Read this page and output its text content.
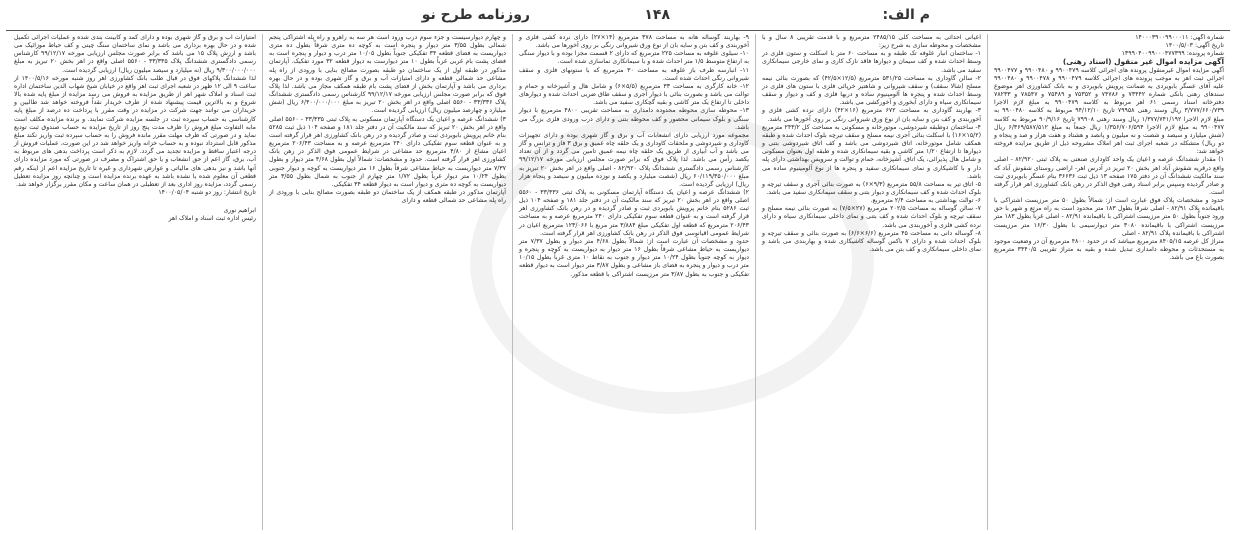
م الف:
۱۴۸
روزنامه طرح نو

شماره آگهی: ۱۴۰۰۰۳۹۰۰۹۹۰۰۰۱۱

تاریخ آگهی: ۱۴۰۰/۵/۰۳

شماره پرونده: ۱۳۹۹۰۴۰۰۹۹۰۰۰۴۷۷۳۹۹

آگهی مزایده اموال غیر منقول (اسناد رهنی)

آگهی مزایده اموال غیرمنقول پرونده های اجرائی کلاسه ۹۹۰۰۴۷۹ و ۹۹۰۰۴۸۰ و ۹۹۰۰۴۷۷ اجرائی ثبت اهر به موجب پرونده های اجرائی کلاسه ۹۹۰۰۴۷۹ و ۹۹۰۰۴۷۸ و ۹۹۰۰۴۸۰ علیه آقای عسگر بابویردی به ضمانت پرویش بابویردی و به بانک کشاورزی اهر موضوع سندهای رهنی بانکی شماره ۷۳۴۴۲ و ۷۴۷۸۶ و ۷۵۳۵۲ و ۷۵۴۸۹ و ۷۸۵۴۷ و ۷۸۲۳۳ دفترخانه اسناد رسمی ۶۱ اهر مربوط به کلاسه ۹۹۰۰۴۷۹ به مبلغ لازم الاجرا ۳/۷۷۷/۶۶۰/۷۳۹ ریال وسند رهنی ۷۹۹۵۸ تاریخ ۹۴/۱۲/۱۰ مربوط به کلاسه ۹۹۰۰۴۸۰ به مبلغ لازم الاجرا ۱/۳۷۷/۷۴۱/۱۹۲ ریال وسند رهنی ۷۹۹۰۸ تاریخ ۹۰/۹/۱۶ مربوط به کلاسه ۹۹۰۰۴۷۷ به مبلغ لازم الاجرا ۱/۳۵۶/۷۰۶/۵۹۴ ریال جمعاً به مبلغ ۶/۳۶۹/۵۸۷/۵۱۲ ریال (شش میلیارد و سیصد و شصت و نه میلیون و پانصد و هشتاد و هفت هزار و صد و پنجاه و دو ریال) متشکله در شعبه اجرای ثبت اهر املاک مشروحه ذیل از طریق مزایده فروخته خواهد شد:

۱) مقدار ششدانگ عرصه و اعیان یک واحد کاوداری صنعتی به پلاک ثبتی ۸۲/۹۲۰ - اصلی واقع درقریه شقوش آباد اهر بخش ۲۰ تبریز در آدرس اهر- اراضی روستای شقوش آباد که سند مالکیت ششدانگ آن در دفتر ۱۷۵ صفحه ۱۳ ذیل ثبت ۳۶۶۳۶ بنام عسگر بابویردی ثبت و صادر گردیده وسپس برابر اسناد رهنی فوق الذکر در رهن بانک کشاورزی اهر قرار گرفته است.

حدود و مشخصات پلاک فوق عبارت است از: شمالاً بطول ۵۰ متر مرزیست اشتراکی با باقیمانده پلاک ۸۲/۹۱ - اصلی شرقاً بطول ۱۸۳ متر محدود است به راه مرتع و شهر با حق ورود جنوباً بطول ۵۰ متر مرزیست اشتراکی با باقیمانده ۸۲/۹۱ - اصلی غرباً بطول ۱۸۳ متر مرزیست اشتراکی با باقیمانده ۳۰۸۰ متر دیوارسیمی با بطول ۱۶/۳۰ متر مرزیست اشتراکی با باقیمانده پلاک ۸۲/۹۱ - اصلی

متراژ کل عرصه ۸۴۰۵/۱۵ مترمربع میباشد که در حدود ۴۸۰۰ مترمربع آن در وضعیت موجود به مستحدثات و محوطه دامداری تبدیل شده و بقیه به متراژ تقریبی ۳۴۴۰/۵ مترمربع بصورت باغ می باشد.

اعیانی احداثی به مساحت کلی ۲۴۸۵/۱۵ مترمربع و با قدمت تقریبی ۸ سال و با مشخصات و محوطه سازی به شرح زیر:

۱- ساختمان انبار علوفه تک طبقه و به مساحت ۶۰ متر با اسکلت و ستون فلزی در وسط احداث شده و کف سیمان و دیوارها فاقد نازک کاری و نمای خارجی سیمانکاری سفید می باشد.

۲- سالن گاوداری به مساحت ۵۳۱/۲۵ مترمربع (۱۲/۵×۴۲/۵) که بصورت بنائی نیمه مسلح (شالا سقف) و سقف شیروانی و شاهتیر خرپائی فلزی با ستون های فلزی در وسط احداث شده و پنجره ها آلومینیوم ساده و دربها فلزی و کف و دیوار و سقف سیمانکاری سیاه و دارای آبخوری و آخورکشی می باشد.

۳- بهاربند گاوداری به مساحت ۶۷۲ مترمربع (۱۶×۴۲) دارای نرده کشی فلزی و آخوربندی و کف بتن و سایه بان از نوع ورق شیروانی رنگی بر روی آخورها می باشد.

۴- ساختمان دوطبقه شیردوشی، موتورخانه و مسکونی به مساحت کل ۲۴۳/۲ مترمربع (۱۵/۲×۱۶) با اسکلت بنائی آجری نیمه مسلح و سقف تیرچه بلوک احداث شده و طبقه همکف شامل موتورخانه، اتاق شیردوشی می باشد و کف اتاق شیردوشی بتنی و دیوارها تا ارتفاع ۱/۲۰ متر کاشی و بقیه سیمانکاری شده و طبقه اول بعنوان مسکونی و شامل هال پذیرائی، یک اتاق، آشپزخانه، حمام و توالت و سرویس بهداشتی دارای پله دار و با کاشیکاری و نمای سیمانکاری سفید و پنجره ها از نوع آلومینیوم ساده می باشد.

۵- اتاق تیر به مساحت ۵۵/۸ مترمربع (۹/۳×۶) به صورت بنائی آجری و سقف تیرچه و بلوک احداث شده و کف سیمانکاری و دیوار بتنی و سقف سیمانکاری سفید می باشد.

۶- توالت بهداشتی به مساحت ۲/۴ مترمربع.

۷- سالن گوساله به مساحت ۲۰۲/۵ مترمربع (۲۷×۷/۵) به صورت بنائی نیمه مسلح و سقف تیرچه و بلوک احداث شده و کف بتنی و نمای داخلی سیمانکاری سیاه و دارای نرده کشی فلزی و آخوربندی می باشد.

۸- گوساله دانی به مساحت ۴۵ مترمربع (۶/۶×۶/۶) به صورت بنائی و سقف تیرچه و بلوک احداث شده و دارای ۷ باکس گوساله کاشیکاری شده و بهاربندی می باشد و نمای داخلی سیمانکاری و کف بتن می باشد.

۹- بهاربند گوساله هانه به مساحت ۳۷۸ مترمربع (۱۴×۲۷) دارای نرده کشی فلزی و آخوربندی و کف بتن و سایه بان از نوع ورق شیروانی رنگی بر روی آخورها می باشد.

۱۰- سیلوی علوفه به مساحت ۲۲۵ مترمربع که دارای ۲ قسمت مجزا بوده و با دیوار سنگی به ارتفاع متوسط ۱/۵ متر احداث شده و با سیمانکاری نماسازی شده است.

۱۱- انبارسه طرف باز علوفه به مساحت ۳۰ مترمربع که با ستونهای فلزی و سقف شیروانی رنگی احداث شده است.

۱۲- خانه کارگری به مساحت ۳۳ مترمربع (۵/۵×۶) و شامل هال و آشپزخانه و حمام و توالت می باشد و بصورت بنائی با دیوار آجری و سقف طاق ضربی احداث شده و دیوارهای داخلی تا ارتفاع یک متر کاشی و بقیه گچکاری سفید می باشد.

۱۳- محوطه سازی محوطه محدوده دامداری به مساحت تقریبی ۴۸۰۰ مترمربع با دیوار سنگی و بلوک سیمانی محصور و کف محوطه بتنی و دارای درب ورودی فلزی بزرگ می باشد.

مجموعه مورد ارزیابی دارای انشعابات آب و برق و گاز شهری بوده و دارای تجهیزات کاوداری و شیردوشی و ملحقات کاوداری و یک حلقه چاه عمیق و برق ۳ فاز و ترانس و گاز می باشد و آب آبیاری از طریق یک حلقه چاه نیمه عمیق تامین می گردد و از آن تعداد یکصد رأس می باشد. لذا پلاک فوق که برابر صورت مجلس ارزیابی مورخه ۹۹/۱۲/۱۷ کارشناس رسمی دادگستری ششدانگ پلاک ۸۲/۹۲۰ - اصلی واقع در اهر بخش ۲۰ تبریز به مبلغ ۶۰/۱۱۹/۳۵۰/۰۰۰ ریال (شصت میلیارد و یکصد و نوزده میلیون و سیصد و پنجاه هزار ریال) ارزیابی گردیده است.

۲) ششدانگ عرصه و اعیان یک دستگاه آپارتمان مسکونی به پلاک ثبتی ۳۳/۳۳۶ - ۵۵۶۰ اصلی واقع در اهر بخش ۲۰ تبریز که سند مالکیت آن در دفتر جلد ۱۸۱ و صفحه ۱۰۴ ذیل ثبت ۵۲۸۶ بنام خانم پرویش بابویردی ثبت و صادر گردیده و در رهن بانک کشاورزی اهر قرار گرفته است و به عنوان قطعه سوم تفکیکی دارای ۲۴۰ مترمربع عرصه و به مساحت ۲۰۶/۴۳ مترمربع که قطعه اول تفکیکی مبلغ ۳/۸۸۴ متر مربع با ۱۲۳/۰۶۶ مترمربع اعیان در شرایط عمومی اقیانوسی فوق الذکر در رهن بانک کشاورزی اهر قرار گرفته است.

حدود و مشخصات آن عبارت است از: شمالاً بطول ۴/۶۸ متر دیوار و بطول ۷/۳۷ متر دیواریست به حیاط مشاعی شرقاً بطول ۱۶ متر دیوار به دیواریست به کوچه و پنجره و دیوار به کوچه جنوباً بطول ۱۰/۲۴ متر دیوار و جنوب به نقاط ۱۰ متری غرباً بطول ۱۰/۱۵ متر درب و دیوار و پنجره به فضای باز مشاعی و بطول ۳/۸۷ متر دیوار است به دیوار قطعه تفکیکی و جنوب به بطول ۳/۸۷ متر مرزیست اشتراکی با قطعه مذکور.

و چهارم دیوارسیست و جزء سوم درب ورود است هر سه به راهرو و راه پله اشتراکی پنجم شمالی بطول ۳/۵۵ متر دیوار و پنجره است به کوچه ده متری شرقاً بطول ده متری دیواریست به فضای قطعه ۳۴ تفکیکی جنوباً بطول ۱۰/۰۵ متر درب و دیوار و پنجره است به فضای پشت بام غربی غرباً بطول ۱۰ متر دیوارست به دیوار قطعه ۳۲ مورد تفکیک. آپارتمان مذکور در طبقه اول از یک ساختمان دو طبقه بصورت مصالح بنایی با ورودی از راه پله مشاعی حد شمالی قطعه و دارای امتیازات آب و برق و گاز شهری بوده و در حال بهره برداری می باشد و آپارتمان بخش از فضای پشت بام طبقه همکف مجاز می باشد. لذا پلاک فوق که برابر صورت مجلس ارزیابی مورخه ۹۹/۱۲/۱۷ کارشناس رسمی دادگستری ششدانگ پلاک ۳۳/۳۳۶ - ۵۵۶۰ اصلی واقع در اهر بخش ۲۰ تبریز به مبلغ ۶/۴۰۰/۰۰۰/۰۰۰ ریال (شش میلیارد و چهارصد میلیون ریال) ارزیابی گردیده است.

۳) ششدانگ عرصه و اعیان یک دستگاه آپارتمان مسکونی به پلاک ثبتی ۳۳/۳۳۵ - ۵۵۶۰ اصلی واقع در اهر بخش ۲۰ تبریز که سند مالکیت آن در دفتر جلد ۱۸۱ و صفحه ۱۰۴ ذیل ثبت ۵۲۸۵ بنام خانم پرویش بابویردی ثبت و صادر گردیده و در رهن بانک کشاورزی اهر قرار گرفته است و به عنوان قطعه سوم تفکیکی دارای ۲۴۰ مترمربع عرصه و به مساحت ۲۰۶/۴۳ مترمربع اعیان مشاع از ۴/۸۰ مترمربع حد مشاعی در شرایط عمومی فوق الذکر در رهن بانک کشاورزی اهر قرار گرفته است. حدود و مشخصات: شمالاً اول بطول ۴/۶۸ متر دیوار و بطول ۷/۳۷ متر دیواریست به حیاط مشاعی شرقاً بطول ۱۶ متر دیواریست به کوچه و دیوار جنوبی بطول ۱۰/۲۴ متر دیوار غرباً بطول ۱/۷۲ متر چهارم از جنوب به شمال بطول ۳/۵۵ متر دیواریست به کوچه ده متری و دیوار است به دیوار قطعه ۳۴ تفکیکی.

آپارتمان مذکور در طبقه همکف از یک ساختمان دو طبقه بصورت مصالح بنایی با ورودی از راه پله مشاعی حد شمالی قطعه و دارای

امتیازات آب و برق و گاز شهری بوده و دارای کمد و کابینت بندی شده و عملیات اجرائی تکمیل شده و در حال بهره برداری می باشد و نمای ساختمان سنگ چینی و کف حیاط موزائیک می باشد و ارزش پلاک ۱۵ می باشد که برابر صورت مجلس ارزیابی مورخه ۹۹/۱۲/۱۷ کارشناس رسمی دادگستری ششدانگ پلاک ۳۳/۳۳۵ - ۵۵۶۰ اصلی واقع در اهر بخش ۲۰ تبریز به مبلغ ۹/۳۰۰/۰۰۰/۰۰۰ ریال (نه میلیارد و سیصد میلیون ریال) ارزیابی گردیده است.

لذا ششدانگ پلاکهای فوق در قبال طلب بانک کشاورزی اهر روز شنبه مورخه ۱۴۰۰/۵/۱۶ از ساعت ۹ الی ۱۲ ظهر در شعبه اجرای ثبت اهر واقع در خیابان شیخ شهاب الدین ساختمان اداره ثبت اسناد و املاک شهر اهر از طریق مزایده به فروش می رسد مزایده از مبلغ پایه شده بالا شروع و به بالاترین قیمت پیشنهاد شده از طرف خریدار نقداً فروخته خواهد شد طالبین و خریداران می توانند جهت شرکت در مزایده در وقت مقرر با پرداخت ده درصد از مبلغ پایه کارشناسی به حساب سپرده ثبت در جلسه مزایده شرکت نمایند. و برنده مزایده مکلف است مابه التفاوت مبلغ فروش را ظرف مدت پنج روز از تاریخ مزایده به حساب صندوق ثبت تودیع نماید و در صورتی که ظرف مهلت مقرر مانده فروش را به حساب سپرده ثبت واریز نکند مبلغ مذکور قابل استرداد نبوده و به حساب خزانه واریز خواهد شد در این صورت، عملیات فروش از درجه اعتبار ساقط و مزایده تجدید می گردد. لازم به ذکر است پرداخت بدهی های مربوط به آب، برق، گاز اعم از حق انشعاب و یا حق اشتراک و مصرف در صورتی که مورد مزایده دارای آنها باشد و نیز بدهی های مالیاتی و عوارض شهرداری و غیره تا تاریخ مزایده اعم از اینکه رقم قطعی آن معلوم شده یا نشده باشد به عهده برنده مزایده است و چنانچه روز مزایده تعطیل رسمی گردد، مزایده روز اداری بعد از تعطیلی در همان ساعت و مکان مقرر برگزار خواهد شد.

تاریخ انتشار: روز دو شنبه ۱۴۰۰/۰۵/۰۴

ابراهیم نوری

رئیس اداره ثبت اسناد و املاک اهر
